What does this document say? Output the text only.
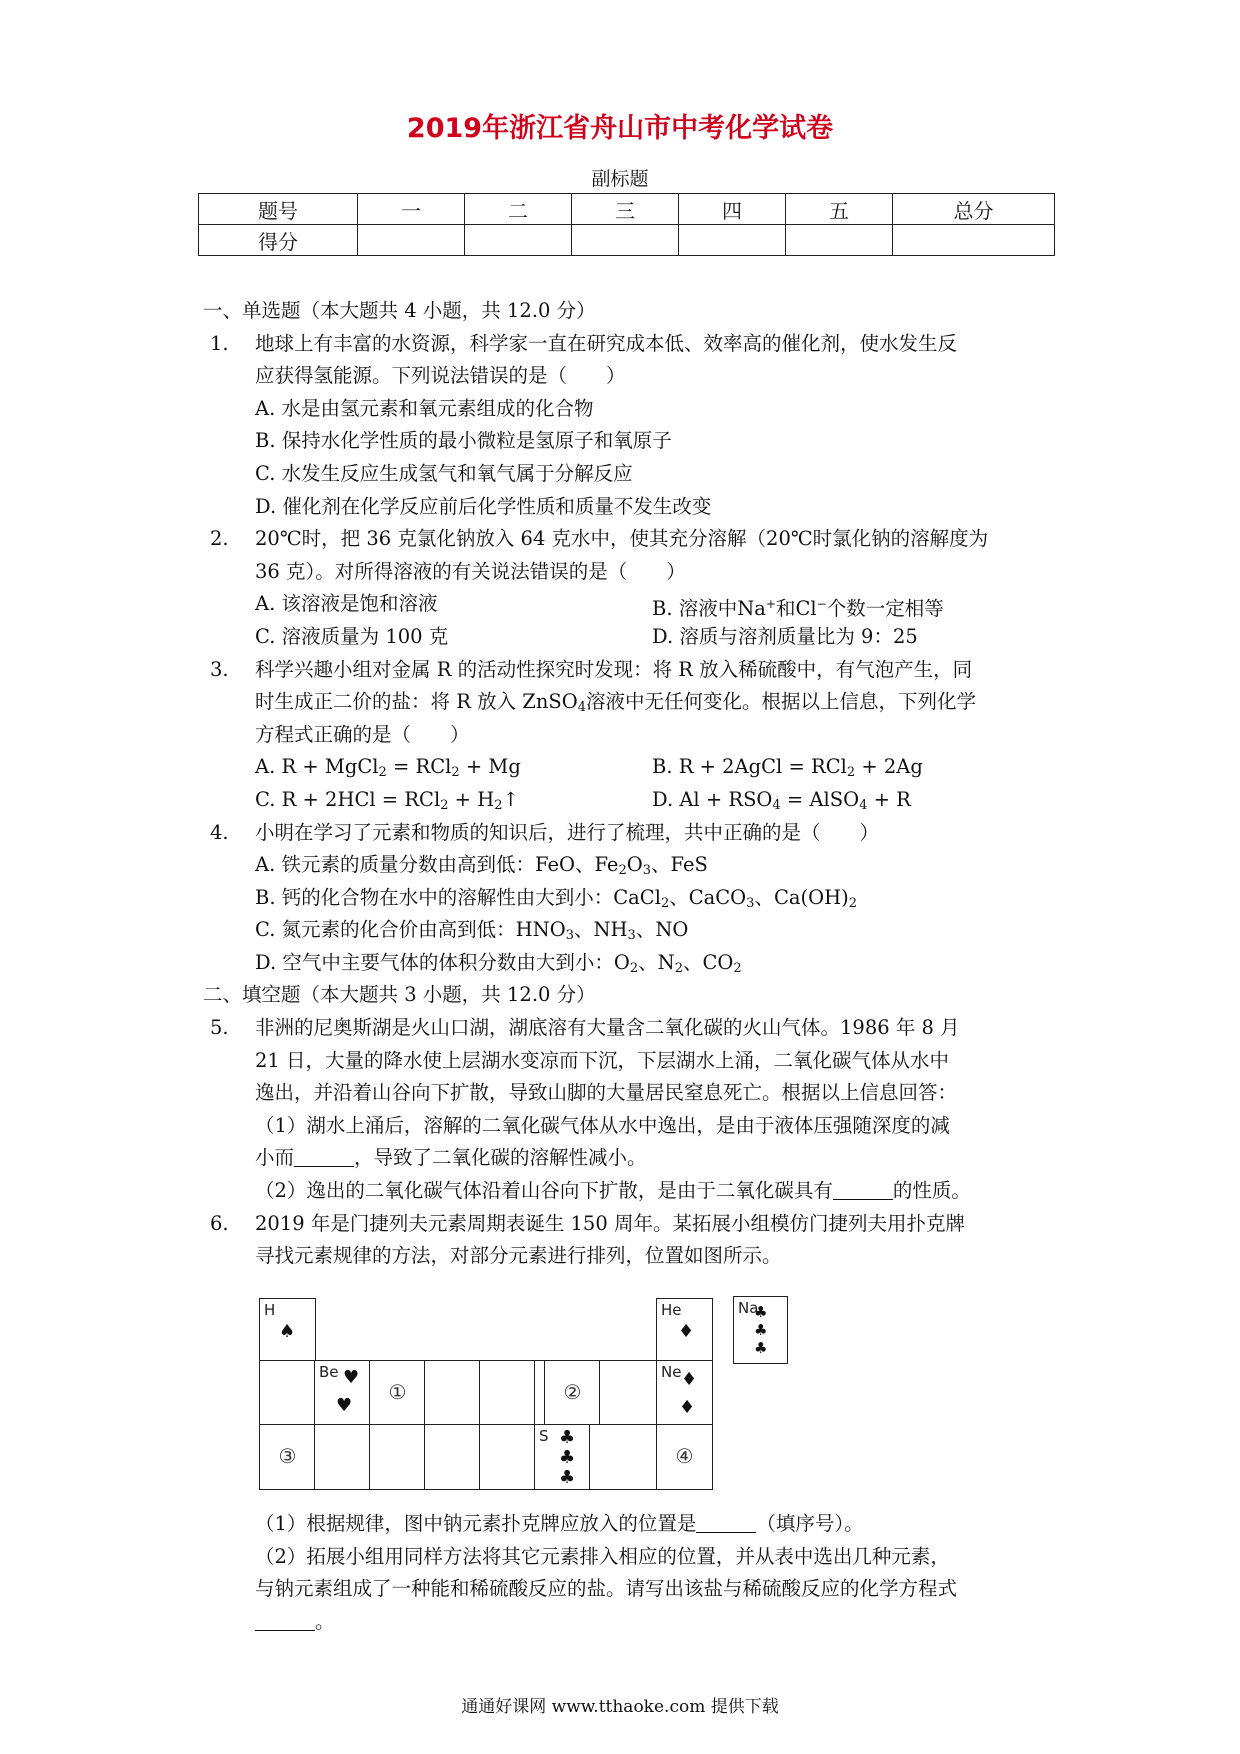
2019年浙江省舟山市中考化学试卷
副标题
题号	一	二	三	四	五	总分
得分						
一、单选题（本大题共 4 小题，共 12.0 分）
1. 地球上有丰富的水资源，科学家一直在研究成本低、效率高的催化剂，使水发生反
应获得氢能源。下列说法错误的是（　　）
A. 水是由氢元素和氧元素组成的化合物
B. 保持水化学性质的最小微粒是氢原子和氧原子
C. 水发生反应生成氢气和氧气属于分解反应
D. 催化剂在化学反应前后化学性质和质量不发生改变
2. 20℃时，把 36 克氯化钠放入 64 克水中，使其充分溶解（20℃时氯化钠的溶解度为
36 克）。对所得溶液的有关说法错误的是（　　）
A. 该溶液是饱和溶液	B. 溶液中Na+和Cl−个数一定相等
C. 溶液质量为 100 克	D. 溶质与溶剂质量比为 9：25
3. 科学兴趣小组对金属 R 的活动性探究时发现：将 R 放入稀硫酸中，有气泡产生，同
时生成正二价的盐：将 R 放入 ZnSO$_4$溶液中无任何变化。根据以上信息，下列化学
方程式正确的是（　　）
A. R + MgCl$_2$ = RCl$_2$ + Mg	B. R + 2AgCl = RCl$_2$ + 2Ag
C. $R + 2HCl = RCl_2 + H_2↑$	D. $Al + RSO_4$ = AlSO$_4$ + R
4. 小明在学习了元素和物质的知识后，进行了梳理，共中正确的是（　　）
A. 铁元素的质量分数由高到低：FeO、$Fe_2O_3$、FeS
B. 钙的化合物在水中的溶解性由大到小：CaCl$_2$、CaCO$_3$、$Ca(OH)_2$
C. 氮元素的化合价由高到低：$HNO_3$、$NH_3$、NO
D. 空气中主要气体的体积分数由大到小：$O_2$、$N_2$、$CO_2$
二、填空题（本大题共 3 小题，共 12.0 分）
5. 非洲的尼奥斯湖是火山口湖，湖底溶有大量含二氧化碳的火山气体。1986 年 8 月
21 日，大量的降水使上层湖水变凉而下沉，下层湖水上涌，二氧化碳气体从水中
逸出，并沿着山谷向下扩散，导致山脚的大量居民窒息死亡。根据以上信息回答：
（1）湖水上涌后，溶解的二氧化碳气体从水中逸出，是由于液体压强随深度的减
小而	，导致了二氧化碳的溶解性减小。
（2）逸出的二氧化碳气体沿着山谷向下扩散，是由于二氧化碳具有	的性质。
6. 2019 年是门捷列夫元素周期表诞生 150 周年。某拓展小组模仿门捷列夫用扑克牌
寻找元素规律的方法，对部分元素进行排列，位置如图所示。
H
♠
He
♦
Be ♥
♥
①	②
Ne ♦
♦
③
S ♣
♣
♣
④
Na
♣
♣
♣
（1）根据规律，图中钠元素扑克牌应放入的位置是	（填序号）。
（2）拓展小组用同样方法将其它元素排入相应的位置，并从表中选出几种元素，
与钠元素组成了一种能和稀硫酸反应的盐。请写出该盐与稀硫酸反应的化学方程式
。
通通好课网 www.tthaoke.com 提供下载
